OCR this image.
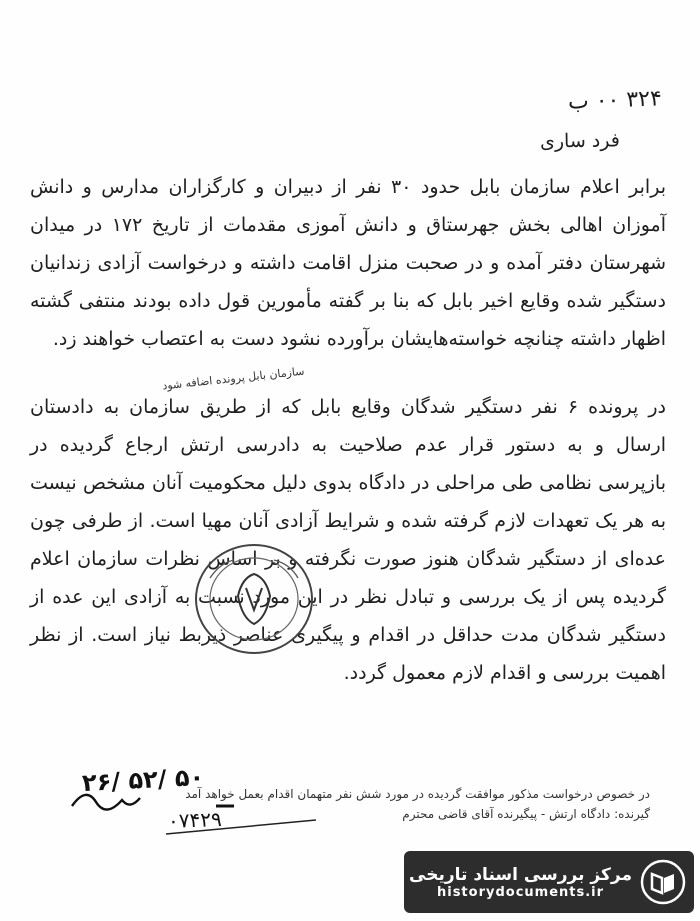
۳۲۴ ۰۰ ب
فرد ساری

برابر اعلام سازمان بابل حدود ۳۰ نفر از دبیران و کارگزاران مدارس و دانش آموزان اهالی بخش جهرستاق و دانش آموزی مقدمات از تاریخ ۱۷۲ در میدان شهرستان دفتر آمده و در صحبت منزل اقامت داشته و درخواست آزادی زندانیان دستگیر شده وقایع اخیر بابل که بنا بر گفته مأمورین قول داده بودند منتفی گشته اظهار داشته چنانچه خواسته‌هایشان برآورده نشود دست به اعتصاب خواهند زد.

در پرونده ۶ نفر دستگیر شدگان وقایع بابل که از طریق سازمان به دادستان ارسال و به دستور قرار عدم صلاحیت به دادرسی ارتش ارجاع گردیده در بازپرسی نظامی طی مراحلی در دادگاه بدوی دلیل محکومیت آنان مشخص نیست به هر یک تعهدات لازم گرفته شده و شرایط آزادی آنان مهیا است. از طرفی چون عده‌ای از دستگیر شدگان هنوز صورت نگرفته و بر اساس نظرات سازمان اعلام گردیده پس از یک بررسی و تبادل نظر در این مورد نسبت به آزادی این عده از دستگیر شدگان مدت حداقل در اقدام و پیگیری عناصر ذیربط نیاز است. از نظر اهمیت بررسی و اقدام لازم معمول گردد.

سازمان بابل پرونده اضافه شود
۲۶/ ۵۲/ ۵۰
۰۷۴۲۹

در خصوص درخواست مذکور موافقت گردیده در مورد شش نفر متهمان اقدام بعمل خواهد آمد

گیرنده: دادگاه ارتش - پیگیرنده آقای قاضی محترم

مرکز بررسی اسناد تاریخی
historydocuments.ir
